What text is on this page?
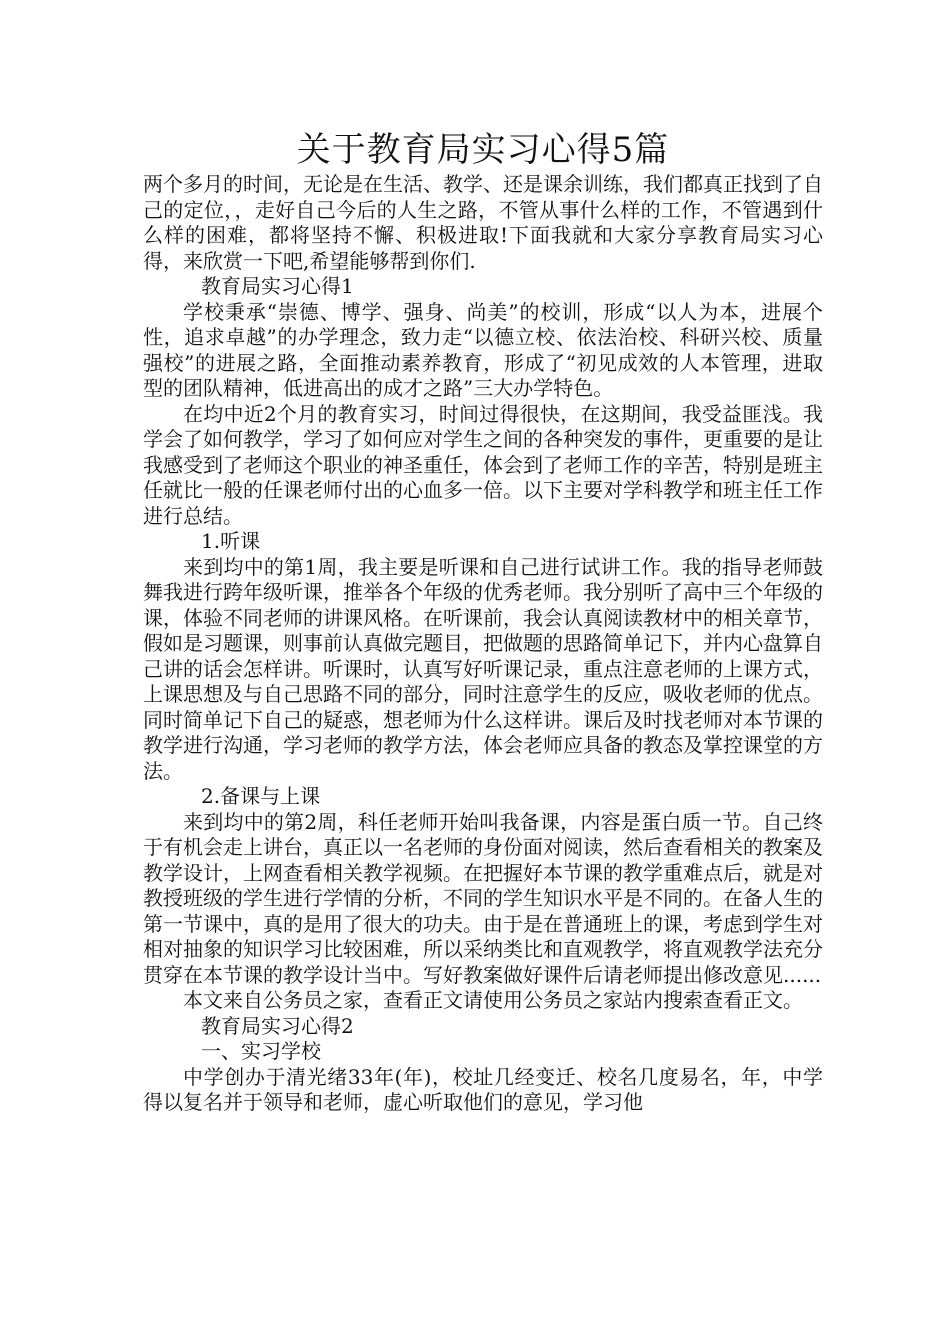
关于教育局实习心得5篇

两个多月的时间，无论是在生活、教学、还是课余训练，我们都真正找到了自己的定位，，走好自己今后的人生之路，不管从事什么样的工作，不管遇到什么样的困难，都将坚持不懈、积极进取!下面我就和大家分享教育局实习心得，来欣赏一下吧,希望能够帮到你们.

教育局实习心得1

学校秉承“崇德、博学、强身、尚美”的校训，形成“以人为本，进展个性，追求卓越”的办学理念，致力走“以德立校、依法治校、科研兴校、质量强校”的进展之路，全面推动素养教育，形成了“初见成效的人本管理，进取型的团队精神，低进高出的成才之路”三大办学特色。

在均中近2个月的教育实习，时间过得很快，在这期间，我受益匪浅。我学会了如何教学，学习了如何应对学生之间的各种突发的事件，更重要的是让我感受到了老师这个职业的神圣重任，体会到了老师工作的辛苦，特别是班主任就比一般的任课老师付出的心血多一倍。以下主要对学科教学和班主任工作进行总结。

1.听课

来到均中的第1周，我主要是听课和自己进行试讲工作。我的指导老师鼓舞我进行跨年级听课，推举各个年级的优秀老师。我分别听了高中三个年级的课，体验不同老师的讲课风格。在听课前，我会认真阅读教材中的相关章节，假如是习题课，则事前认真做完题目，把做题的思路简单记下，并内心盘算自己讲的话会怎样讲。听课时，认真写好听课记录，重点注意老师的上课方式，上课思想及与自己思路不同的部分，同时注意学生的反应，吸收老师的优点。同时简单记下自己的疑惑，想老师为什么这样讲。课后及时找老师对本节课的教学进行沟通，学习老师的教学方法，体会老师应具备的教态及掌控课堂的方法。

2.备课与上课

来到均中的第2周，科任老师开始叫我备课，内容是蛋白质一节。自己终于有机会走上讲台，真正以一名老师的身份面对阅读，然后查看相关的教案及教学设计，上网查看相关教学视频。在把握好本节课的教学重难点后，就是对教授班级的学生进行学情的分析，不同的学生知识水平是不同的。在备人生的第一节课中，真的是用了很大的功夫。由于是在普通班上的课，考虑到学生对相对抽象的知识学习比较困难，所以采纳类比和直观教学，将直观教学法充分贯穿在本节课的教学设计当中。写好教案做好课件后请老师提出修改意见......

本文来自公务员之家，查看正文请使用公务员之家站内搜索查看正文。

教育局实习心得2

一、实习学校

中学创办于清光绪33年(年)，校址几经变迁、校名几度易名，年，中学得以复名并于领导和老师，虚心听取他们的意见，学习他
